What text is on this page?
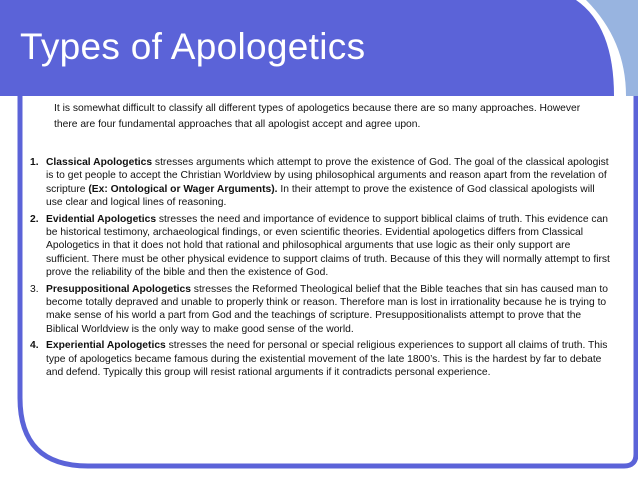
Types of Apologetics

It is somewhat difficult to classify all different types of apologetics because there are so many approaches. However there are four fundamental approaches that all apologist accept and agree upon.

1. Classical Apologetics stresses arguments which attempt to prove the existence of God. The goal of the classical apologist is to get people to accept the Christian Worldview by using philosophical arguments and reason apart from the revelation of scripture (Ex: Ontological or Wager Arguments). In their attempt to prove the existence of God classical apologists will use clear and logical lines of reasoning.
2. Evidential Apologetics stresses the need and importance of evidence to support biblical claims of truth. This evidence can be historical testimony, archaeological findings, or even scientific theories. Evidential apologetics differs from Classical Apologetics in that it does not hold that rational and philosophical arguments that use logic as their only support are sufficient. There must be other physical evidence to support claims of truth. Because of this they will normally attempt to first prove the reliability of the bible and then the existence of God.
3. Presuppositional Apologetics stresses the Reformed Theological belief that the Bible teaches that sin has caused man to become totally depraved and unable to properly think or reason. Therefore man is lost in irrationality because he is trying to make sense of his world a part from God and the teachings of scripture. Presuppositionalists attempt to prove that the Biblical Worldview is the only way to make good sense of the world.
4. Experiential Apologetics stresses the need for personal or special religious experiences to support all claims of truth. This type of apologetics became famous during the existential movement of the late 1800’s. This is the hardest by far to debate and defend. Typically this group will resist rational arguments if it contradicts personal experience.
